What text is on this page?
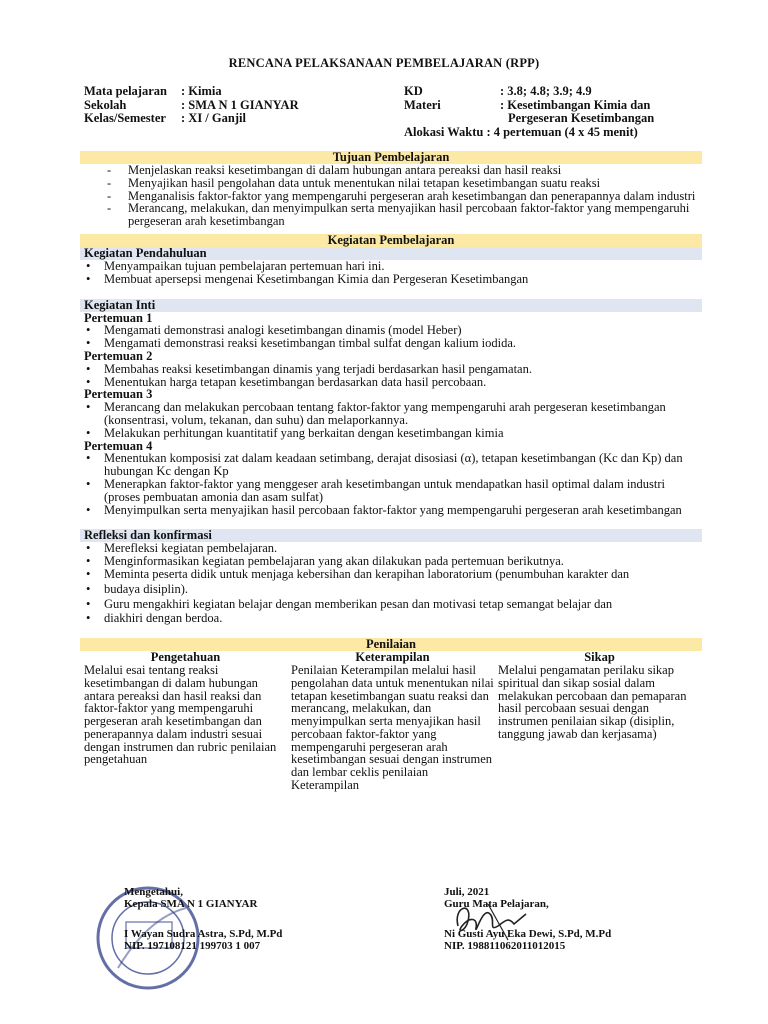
RENCANA PELAKSANAAN PEMBELAJARAN (RPP)
Mata pelajaran	: Kimia
Sekolah	: SMA N 1 GIANYAR
Kelas/Semester	: XI / Ganjil
KD	: 3.8; 4.8; 3.9; 4.9
Materi	: Kesetimbangan Kimia dan
Pergeseran Kesetimbangan
Alokasi Waktu : 4 pertemuan (4 x 45 menit)
Tujuan Pembelajaran
- Menjelaskan reaksi kesetimbangan di dalam hubungan antara pereaksi dan hasil reaksi
- Menyajikan hasil pengolahan data untuk menentukan nilai tetapan kesetimbangan suatu reaksi
- Menganalisis faktor-faktor yang mempengaruhi pergeseran arah kesetimbangan dan penerapannya dalam industri
- Merancang, melakukan, dan menyimpulkan serta menyajikan hasil percobaan faktor-faktor yang mempengaruhi pergeseran arah kesetimbangan
Kegiatan Pembelajaran
Kegiatan Pendahuluan
• Menyampaikan tujuan pembelajaran pertemuan hari ini.
• Membuat apersepsi mengenai Kesetimbangan Kimia dan Pergeseran Kesetimbangan
Kegiatan Inti
Pertemuan 1
• Mengamati demonstrasi analogi kesetimbangan dinamis (model Heber)
• Mengamati demonstrasi reaksi kesetimbangan timbal sulfat dengan kalium iodida.
Pertemuan 2
• Membahas reaksi kesetimbangan dinamis yang terjadi berdasarkan hasil pengamatan.
• Menentukan harga tetapan kesetimbangan berdasarkan data hasil percobaan.
Pertemuan 3
• Merancang dan melakukan percobaan tentang faktor-faktor yang mempengaruhi arah pergeseran kesetimbangan (konsentrasi, volum, tekanan, dan suhu) dan melaporkannya.
• Melakukan perhitungan kuantitatif yang berkaitan dengan kesetimbangan kimia
Pertemuan 4
• Menentukan komposisi zat dalam keadaan setimbang, derajat disosiasi (α), tetapan kesetimbangan (Kc dan Kp) dan hubungan Kc dengan Kp
• Menerapkan faktor-faktor yang menggeser arah kesetimbangan untuk mendapatkan hasil optimal dalam industri (proses pembuatan amonia dan asam sulfat)
• Menyimpulkan serta menyajikan hasil percobaan faktor-faktor yang mempengaruhi pergeseran arah kesetimbangan
Refleksi dan konfirmasi
• Merefleksi kegiatan pembelajaran.
• Menginformasikan kegiatan pembelajaran yang akan dilakukan pada pertemuan berikutnya.
• Meminta peserta didik untuk menjaga kebersihan dan kerapihan laboratorium (penumbuhan karakter dan
• budaya disiplin).
• Guru mengakhiri kegiatan belajar dengan memberikan pesan dan motivasi tetap semangat belajar dan
• diakhiri dengan berdoa.
Penilaian
Pengetahuan
Melalui esai tentang reaksi kesetimbangan di dalam hubungan antara pereaksi dan hasil reaksi dan faktor-faktor yang mempengaruhi pergeseran arah kesetimbangan dan penerapannya dalam industri sesuai dengan instrumen dan rubric penilaian pengetahuan
Keterampilan
Penilaian Keterampilan melalui hasil pengolahan data untuk menentukan nilai tetapan kesetimbangan suatu reaksi dan merancang, melakukan, dan menyimpulkan serta menyajikan hasil percobaan faktor-faktor yang mempengaruhi pergeseran arah kesetimbangan sesuai dengan instrumen dan lembar ceklis penilaian Keterampilan
Sikap
Melalui pengamatan perilaku sikap spiritual dan sikap sosial dalam melakukan percobaan dan pemaparan hasil percobaan sesuai dengan instrumen penilaian sikap (disiplin, tanggung jawab dan kerjasama)
Mengetahui,
Kepala SMA N 1 GIANYAR
I Wayan Sudra Astra, S.Pd, M.Pd
NIP. 197108121 199703 1 007
Juli, 2021
Guru Mata Pelajaran,
Ni Gusti Ayu Eka Dewi, S.Pd, M.Pd
NIP. 198811062011012015
